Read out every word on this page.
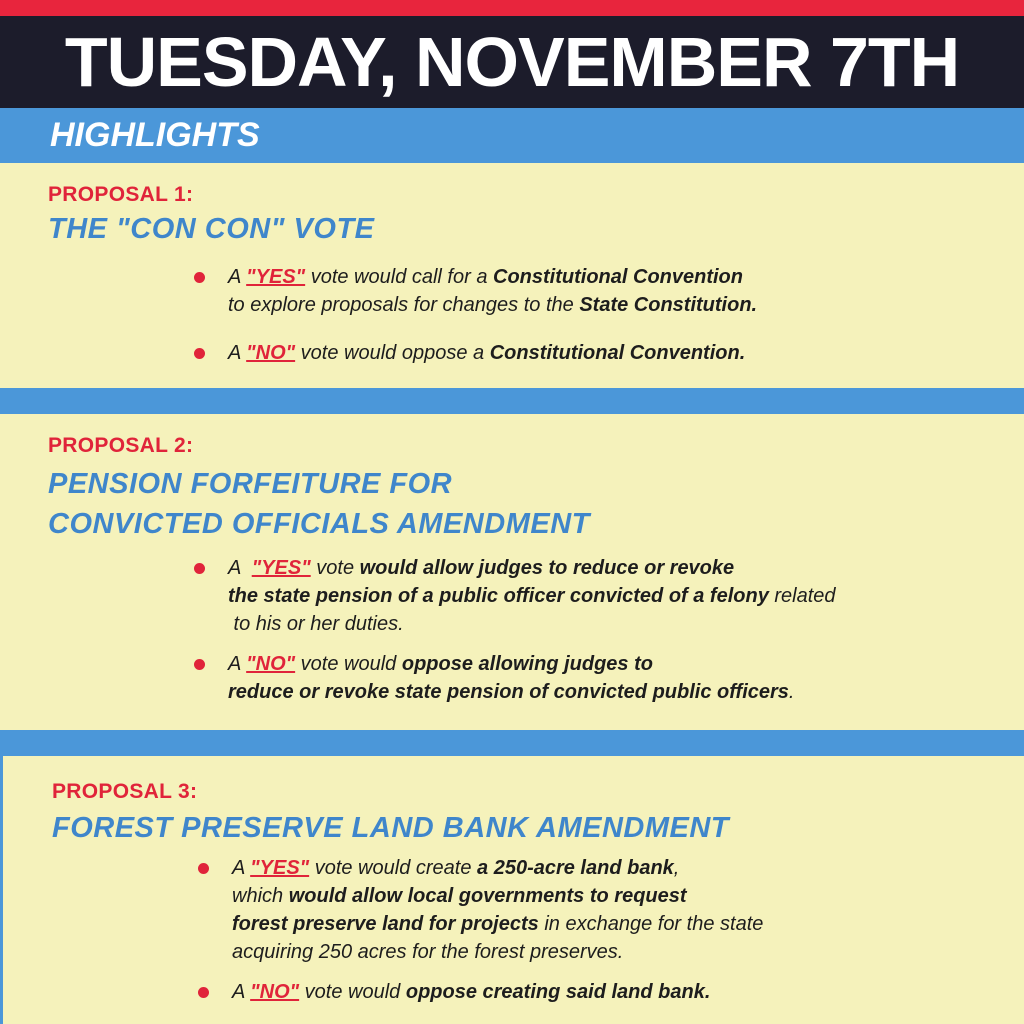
TUESDAY, NOVEMBER 7TH
HIGHLIGHTS
PROPOSAL 1:
THE "CON CON" VOTE
A "YES" vote would call for a Constitutional Convention
to explore proposals for changes to the State Constitution.
A "NO" vote would oppose a Constitutional Convention.
PROPOSAL 2:
PENSION FORFEITURE FOR
CONVICTED OFFICIALS AMENDMENT
A  "YES" vote would allow judges to reduce or revoke
the state pension of a public officer convicted of a felony related
to his or her duties.
A "NO" vote would oppose allowing judges to
reduce or revoke state pension of convicted public officers.
PROPOSAL 3:
FOREST PRESERVE LAND BANK AMENDMENT
A "YES" vote would create a 250-acre land bank,
which would allow local governments to request
forest preserve land for projects in exchange for the state
acquiring 250 acres for the forest preserves.
A "NO" vote would oppose creating said land bank.
